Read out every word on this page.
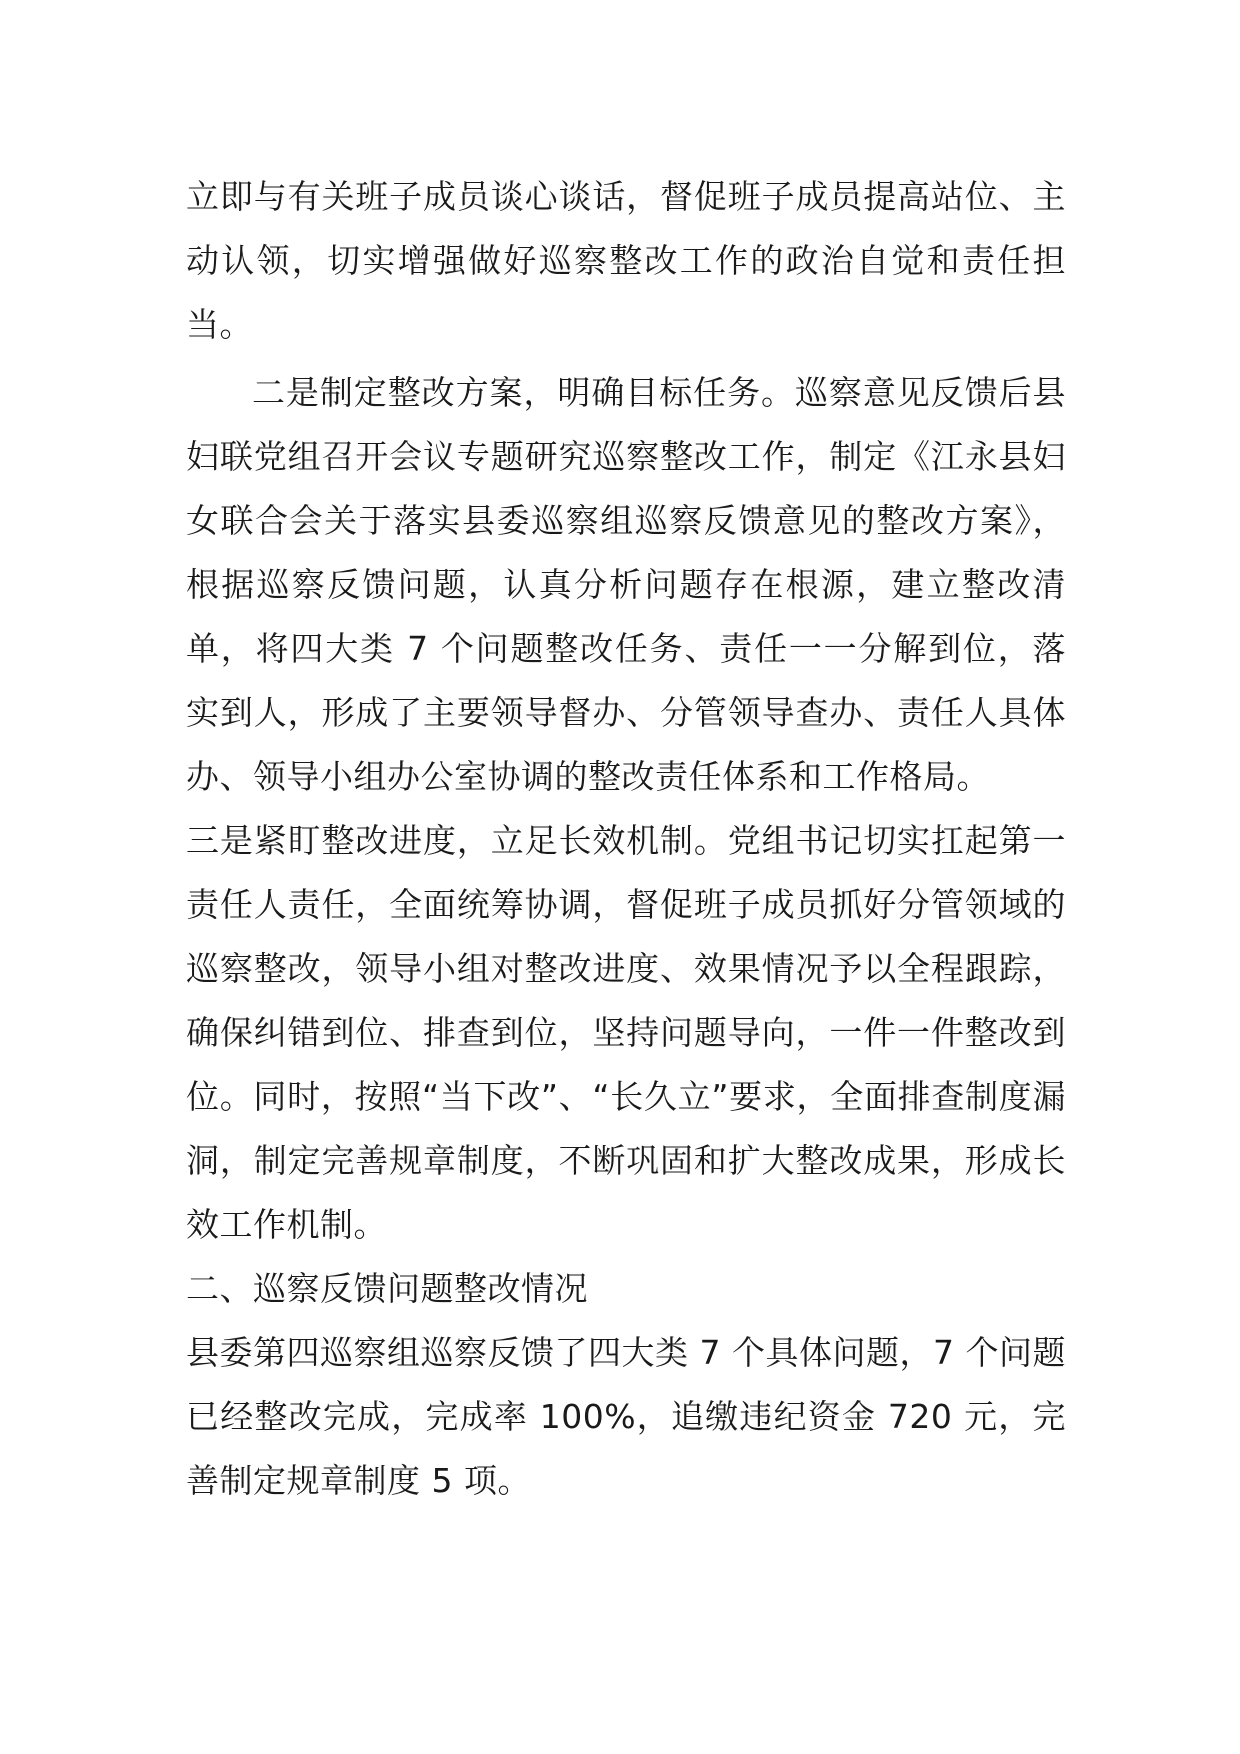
立即与有关班子成员谈心谈话，督促班子成员提高站位、主动认领，切实增强做好巡察整改工作的政治自觉和责任担当。

二是制定整改方案，明确目标任务。巡察意见反馈后县妇联党组召开会议专题研究巡察整改工作，制定《江永县妇女联合会关于落实县委巡察组巡察反馈意见的整改方案》，根据巡察反馈问题，认真分析问题存在根源，建立整改清单，将四大类 7 个问题整改任务、责任一一分解到位，落实到人，形成了主要领导督办、分管领导查办、责任人具体办、领导小组办公室协调的整改责任体系和工作格局。

三是紧盯整改进度，立足长效机制。党组书记切实扛起第一责任人责任，全面统筹协调，督促班子成员抓好分管领域的巡察整改，领导小组对整改进度、效果情况予以全程跟踪，确保纠错到位、排查到位，坚持问题导向，一件一件整改到位。同时，按照“当下改”、“长久立”要求，全面排查制度漏洞，制定完善规章制度，不断巩固和扩大整改成果，形成长效工作机制。

二、巡察反馈问题整改情况

县委第四巡察组巡察反馈了四大类 7 个具体问题，7 个问题已经整改完成，完成率 100%，追缴违纪资金 720 元，完善制定规章制度 5 项。
